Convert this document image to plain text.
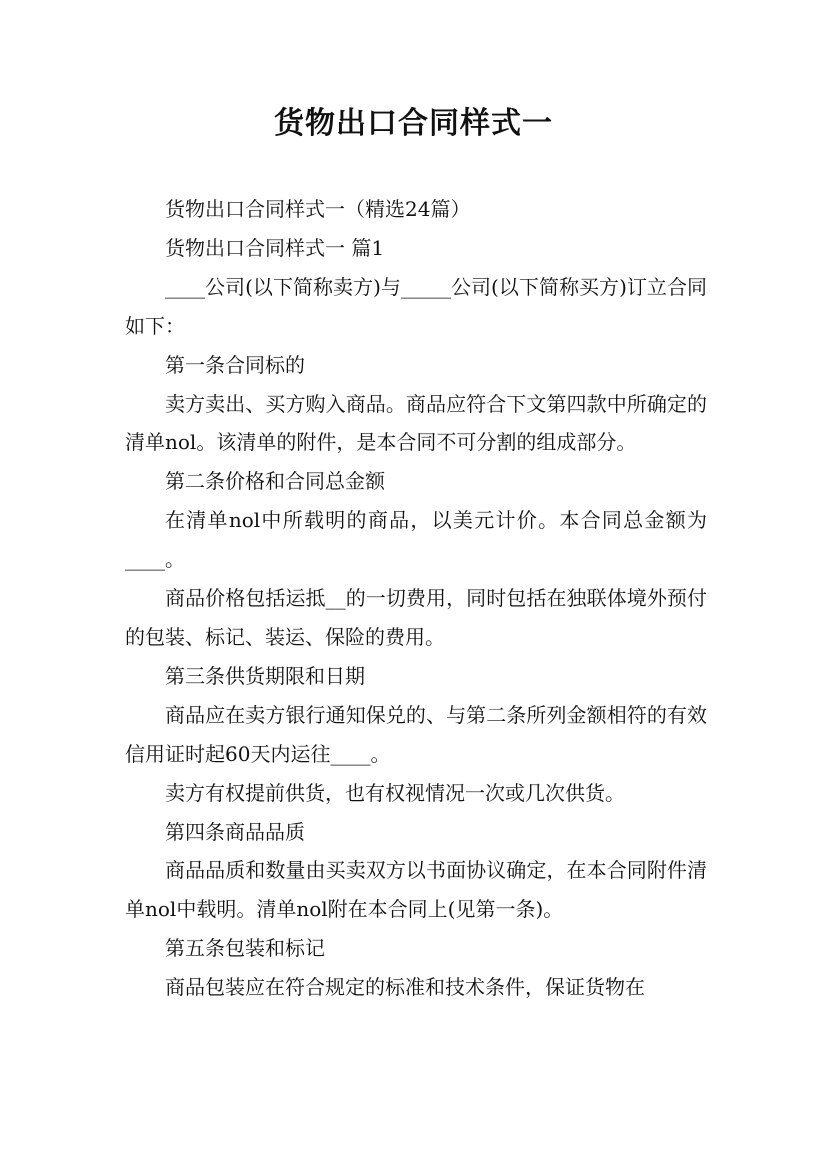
货物出口合同样式一

货物出口合同样式一（精选24篇）

货物出口合同样式一 篇1

____公司(以下简称卖方)与_____公司(以下简称买方)订立合同如下：

第一条合同标的

卖方卖出、买方购入商品。商品应符合下文第四款中所确定的清单nol。该清单的附件，是本合同不可分割的组成部分。

第二条价格和合同总金额

在清单nol中所载明的商品，以美元计价。本合同总金额为____。

商品价格包括运抵__的一切费用，同时包括在独联体境外预付的包装、标记、装运、保险的费用。

第三条供货期限和日期

商品应在卖方银行通知保兑的、与第二条所列金额相符的有效信用证时起60天内运往____。

卖方有权提前供货，也有权视情况一次或几次供货。

第四条商品品质

商品品质和数量由买卖双方以书面协议确定，在本合同附件清单nol中载明。清单nol附在本合同上(见第一条)。

第五条包装和标记

商品包装应在符合规定的标准和技术条件，保证货物在
